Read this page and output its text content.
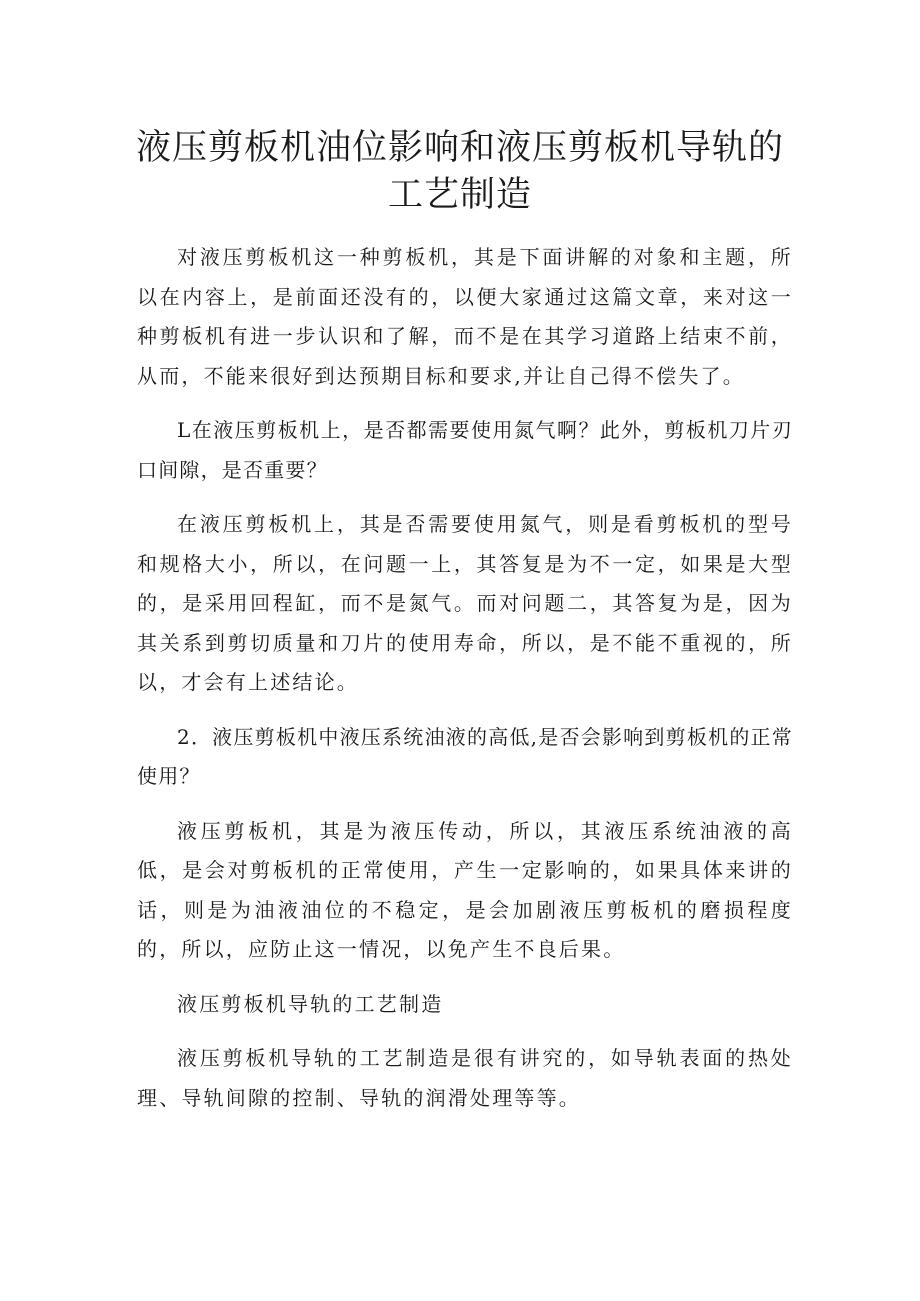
液压剪板机油位影响和液压剪板机导轨的
工艺制造

对液压剪板机这一种剪板机，其是下面讲解的对象和主题，所以在内容上，是前面还没有的，以便大家通过这篇文章，来对这一种剪板机有进一步认识和了解，而不是在其学习道路上结束不前，从而，不能来很好到达预期目标和要求,并让自己得不偿失了。

L在液压剪板机上，是否都需要使用氮气啊？此外，剪板机刀片刃口间隙，是否重要？

在液压剪板机上，其是否需要使用氮气，则是看剪板机的型号和规格大小，所以，在问题一上，其答复是为不一定，如果是大型的，是采用回程缸，而不是氮气。而对问题二，其答复为是，因为其关系到剪切质量和刀片的使用寿命，所以，是不能不重视的，所以，才会有上述结论。

2．液压剪板机中液压系统油液的高低,是否会影响到剪板机的正常使用？

液压剪板机，其是为液压传动，所以，其液压系统油液的高低，是会对剪板机的正常使用，产生一定影响的，如果具体来讲的话，则是为油液油位的不稳定，是会加剧液压剪板机的磨损程度的，所以，应防止这一情况，以免产生不良后果。

液压剪板机导轨的工艺制造

液压剪板机导轨的工艺制造是很有讲究的，如导轨表面的热处理、导轨间隙的控制、导轨的润滑处理等等。
